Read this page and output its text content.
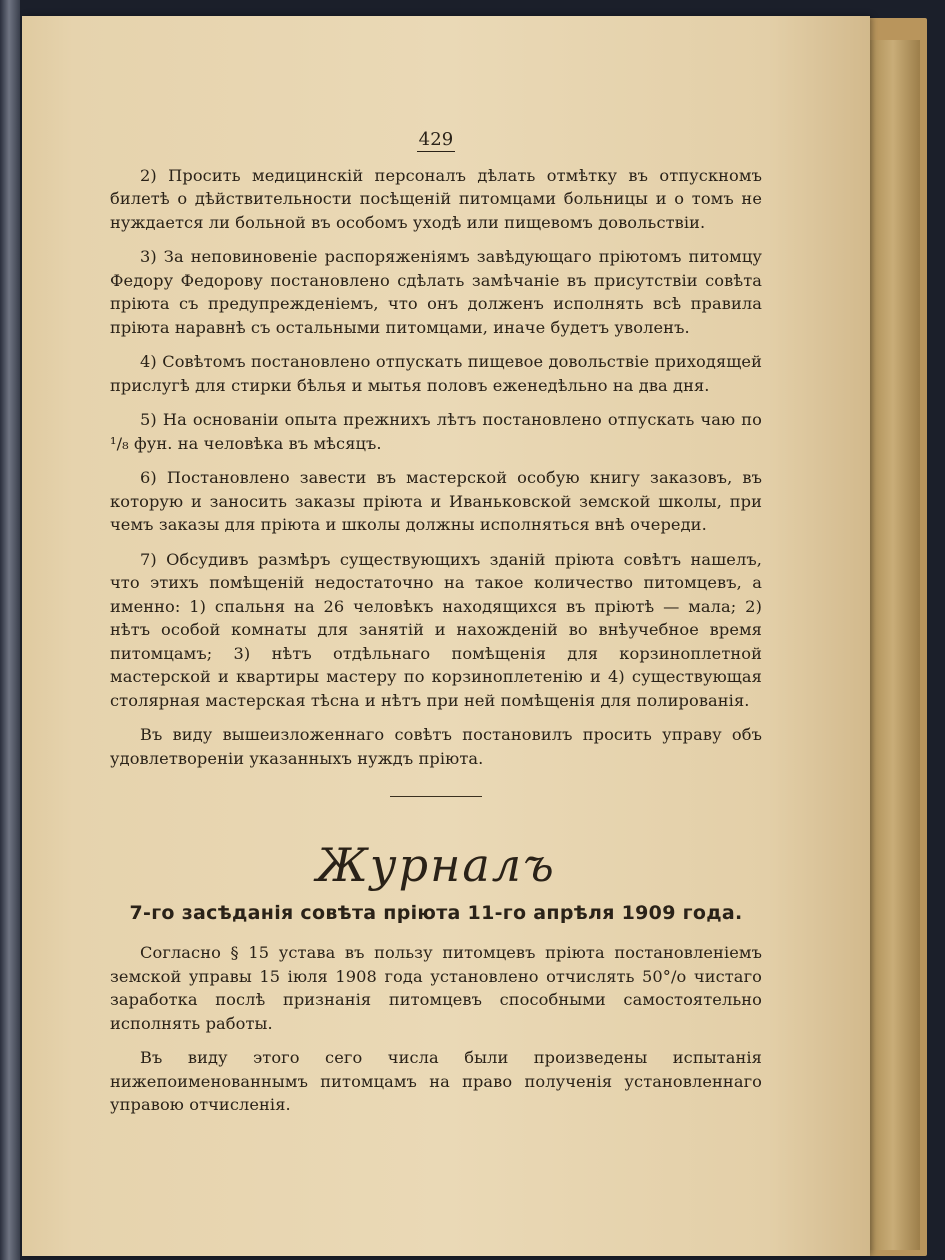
429

2) Просить медицинскій персоналъ дѣлать отмѣтку въ отпускномъ билетѣ о дѣйствительности посѣщеній питомцами больницы и о томъ не нуждается ли больной въ особомъ уходѣ или пищевомъ довольствіи.

3) За неповиновеніе распоряженіямъ завѣдующаго пріютомъ питомцу Федору Федорову постановлено сдѣлать замѣчаніе въ присутствіи совѣта пріюта съ предупрежденіемъ, что онъ долженъ исполнять всѣ правила пріюта наравнѣ съ остальными питомцами, иначе будетъ уволенъ.

4) Совѣтомъ постановлено отпускать пищевое довольствіе приходящей прислугѣ для стирки бѣлья и мытья половъ еженедѣльно на два дня.

5) На основаніи опыта прежнихъ лѣтъ постановлено отпускать чаю по ¹/₈ фун. на человѣка въ мѣсяцъ.

6) Постановлено завести въ мастерской особую книгу заказовъ, въ которую и заносить заказы пріюта и Иваньковской земской школы, при чемъ заказы для пріюта и школы должны исполняться внѣ очереди.

7) Обсудивъ размѣръ существующихъ зданій пріюта совѣтъ нашелъ, что этихъ помѣщеній недостаточно на такое количество питомцевъ, а именно: 1) спальня на 26 человѣкъ находящихся въ пріютѣ — мала; 2) нѣтъ особой комнаты для занятій и нахожденій во внѣучебное время питомцамъ; 3) нѣтъ отдѣльнаго помѣщенія для корзиноплетной мастерской и квартиры мастеру по корзиноплетенію и 4) существующая столярная мастерская тѣсна и нѣтъ при ней помѣщенія для полированія.

Въ виду вышеизложеннаго совѣтъ постановилъ просить управу объ удовлетвореніи указанныхъ нуждъ пріюта.

Журналъ
7-го засѣданія совѣта пріюта 11-го апрѣля 1909 года.

Согласно § 15 устава въ пользу питомцевъ пріюта постановленіемъ земской управы 15 іюля 1908 года установлено отчислять 50°/о чистаго заработка послѣ признанія питомцевъ способными самостоятельно исполнять работы.

Въ виду этого сего числа были произведены испытанія нижепоименованнымъ питомцамъ на право полученія установленнаго управою отчисленія.
